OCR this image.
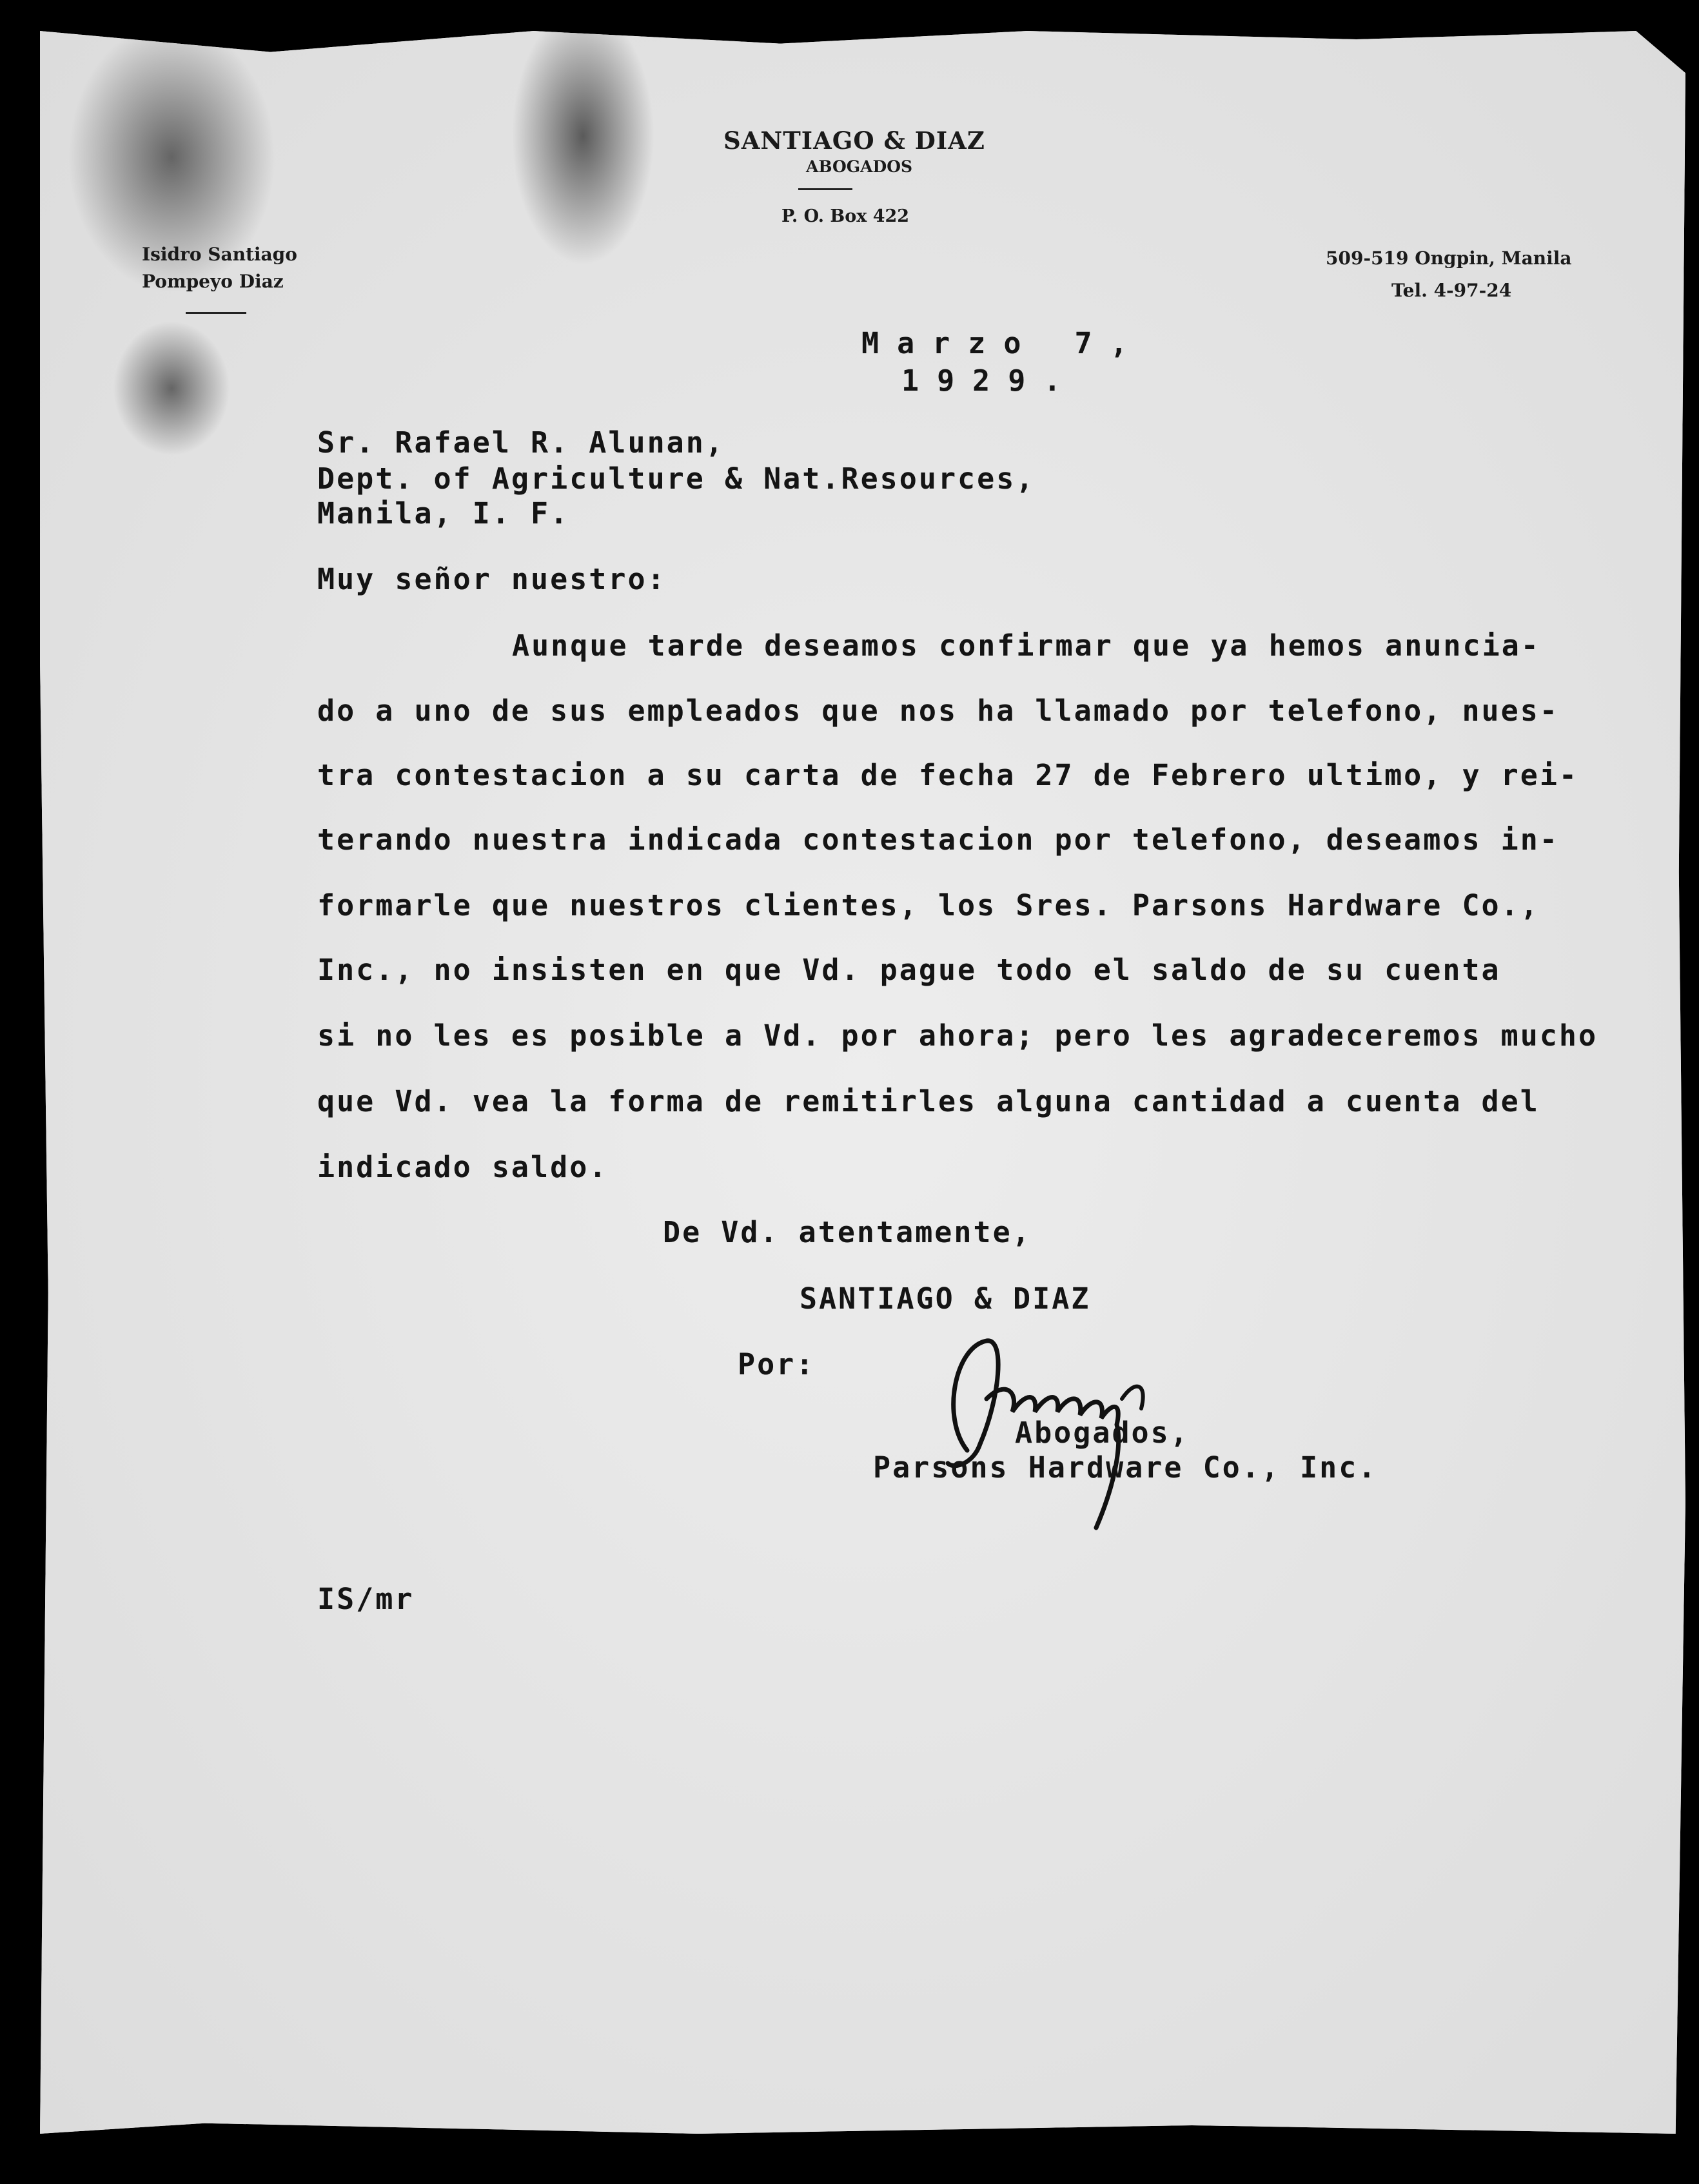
SANTIAGO & DIAZ
ABOGADOS
P. O. Box 422
Isidro Santiago
Pompeyo Diaz
509-519 Ongpin, Manila
Tel. 4-97-24
Marzo 7,
1929.
Sr. Rafael R. Alunan,
Dept. of Agriculture & Nat.Resources,
Manila, I. F.
Muy señor nuestro:
Aunque tarde deseamos confirmar que ya hemos anuncia-
do a uno de sus empleados que nos ha llamado por telefono, nues-
tra contestacion a su carta de fecha 27 de Febrero ultimo, y rei-
terando nuestra indicada contestacion por telefono, deseamos in-
formarle que nuestros clientes, los Sres. Parsons Hardware Co.,
Inc., no insisten en que Vd. pague todo el saldo de su cuenta
si no les es posible a Vd. por ahora; pero les agradeceremos mucho
que Vd. vea la forma de remitirles alguna cantidad a cuenta del
indicado saldo.
De Vd. atentamente,
SANTIAGO & DIAZ
Por:
Abogados,
Parsons Hardware Co., Inc.
IS/mr
